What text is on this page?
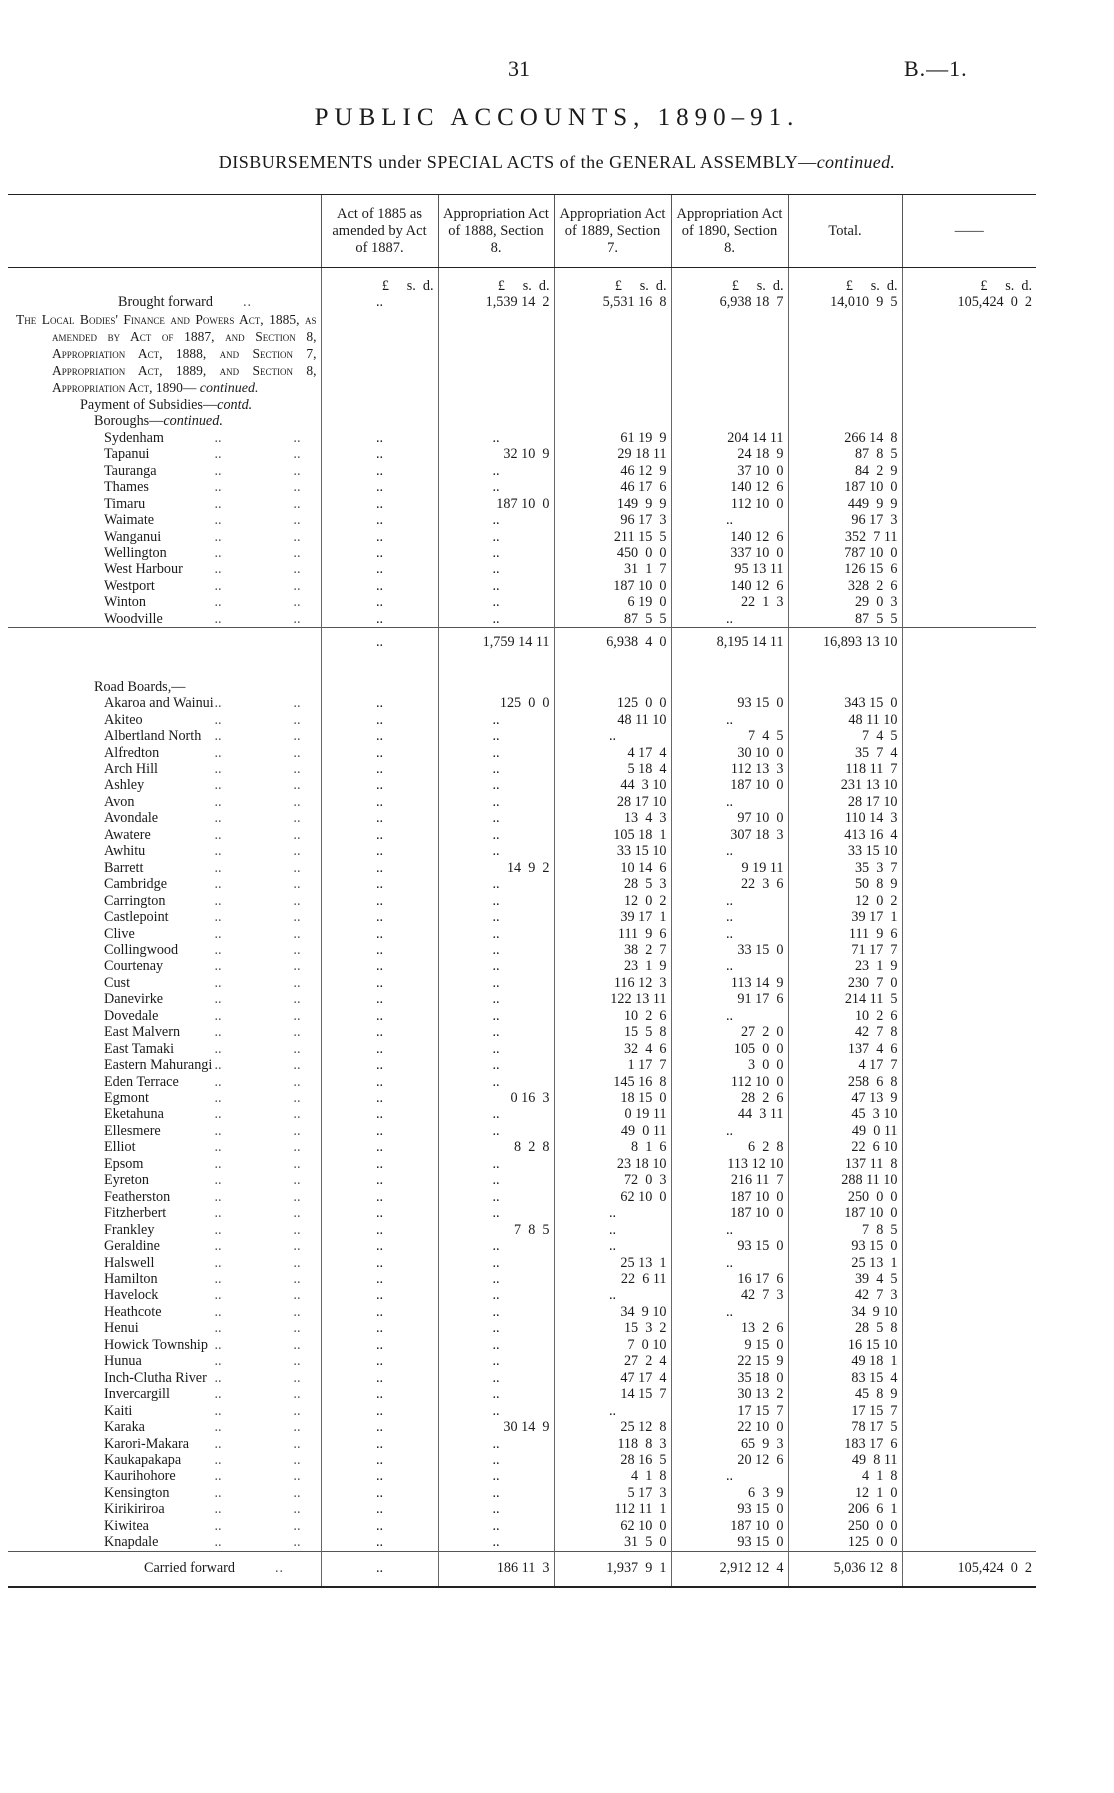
31	B.—1.
PUBLIC ACCOUNTS, 1890–91.
DISBURSEMENTS under SPECIAL ACTS of the GENERAL ASSEMBLY—continued.
	Act of 1885 as amended by Act of 1887.	Appropriation Act of 1888, Section 8.	Appropriation Act of 1889, Section 7.	Appropriation Act of 1890, Section 8.	Total.	——
	£     s.  d.	£     s.  d.	£     s.  d.	£     s.  d.	£     s.  d.	£     s.  d.
Brought forward ..	..	1,539 14  2	5,531 16  8	6,938 18  7	14,010  9  5	105,424  0  2
The Local Bodies' Finance and Powers Act, 1885, as amended by Act of 1887, and Section 8, Appropriation Act, 1888, and Section 7, Appropriation Act, 1889, and Section 8, Appropriation Act, 1890— continued.						
Payment of Subsidies—contd.						
Boroughs—continued.						
Sydenham .. ..	..	..	61 19  9	204 14 11	266 14  8	
Tapanui .. ..	..	32 10  9	29 18 11	24 18  9	87  8  5	
Tauranga .. ..	..	..	46 12  9	37 10  0	84  2  9	
Thames .. ..	..	..	46 17  6	140 12  6	187 10  0	
Timaru .. ..	..	187 10  0	149  9  9	112 10  0	449  9  9	
Waimate .. ..	..	..	96 17  3	..	96 17  3	
Wanganui .. ..	..	..	211 15  5	140 12  6	352  7 11	
Wellington .. ..	..	..	450  0  0	337 10  0	787 10  0	
West Harbour .. ..	..	..	31  1  7	95 13 11	126 15  6	
Westport .. ..	..	..	187 10  0	140 12  6	328  2  6	
Winton .. ..	..	..	6 19  0	22  1  3	29  0  3	
Woodville .. ..	..	..	87  5  5	..	87  5  5	
	..	1,759 14 11	6,938  4  0	8,195 14 11	16,893 13 10	

Road Boards,—						
Akaroa and Wainui .. ..	..	125  0  0	125  0  0	93 15  0	343 15  0	
Akiteo .. ..	..	..	48 11 10	..	48 11 10	
Albertland North .. ..	..	..	..	7  4  5	7  4  5	
Alfredton .. ..	..	..	4 17  4	30 10  0	35  7  4	
Arch Hill .. ..	..	..	5 18  4	112 13  3	118 11  7	
Ashley .. ..	..	..	44  3 10	187 10  0	231 13 10	
Avon .. ..	..	..	28 17 10	..	28 17 10	
Avondale .. ..	..	..	13  4  3	97 10  0	110 14  3	
Awatere .. ..	..	..	105 18  1	307 18  3	413 16  4	
Awhitu .. ..	..	..	33 15 10	..	33 15 10	
Barrett .. ..	..	14  9  2	10 14  6	9 19 11	35  3  7	
Cambridge .. ..	..	..	28  5  3	22  3  6	50  8  9	
Carrington .. ..	..	..	12  0  2	..	12  0  2	
Castlepoint .. ..	..	..	39 17  1	..	39 17  1	
Clive .. ..	..	..	111  9  6	..	111  9  6	
Collingwood .. ..	..	..	38  2  7	33 15  0	71 17  7	
Courtenay .. ..	..	..	23  1  9	..	23  1  9	
Cust .. ..	..	..	116 12  3	113 14  9	230  7  0	
Danevirke .. ..	..	..	122 13 11	91 17  6	214 11  5	
Dovedale .. ..	..	..	10  2  6	..	10  2  6	
East Malvern .. ..	..	..	15  5  8	27  2  0	42  7  8	
East Tamaki .. ..	..	..	32  4  6	105  0  0	137  4  6	
Eastern Mahurangi .. ..	..	..	1 17  7	3  0  0	4 17  7	
Eden Terrace .. ..	..	..	145 16  8	112 10  0	258  6  8	
Egmont .. ..	..	0 16  3	18 15  0	28  2  6	47 13  9	
Eketahuna .. ..	..	..	0 19 11	44  3 11	45  3 10	
Ellesmere .. ..	..	..	49  0 11	..	49  0 11	
Elliot .. ..	..	8  2  8	8  1  6	6  2  8	22  6 10	
Epsom .. ..	..	..	23 18 10	113 12 10	137 11  8	
Eyreton .. ..	..	..	72  0  3	216 11  7	288 11 10	
Featherston .. ..	..	..	62 10  0	187 10  0	250  0  0	
Fitzherbert .. ..	..	..	..	187 10  0	187 10  0	
Frankley .. ..	..	7  8  5	..	..	7  8  5	
Geraldine .. ..	..	..	..	93 15  0	93 15  0	
Halswell .. ..	..	..	25 13  1	..	25 13  1	
Hamilton .. ..	..	..	22  6 11	16 17  6	39  4  5	
Havelock .. ..	..	..	..	42  7  3	42  7  3	
Heathcote .. ..	..	..	34  9 10	..	34  9 10	
Henui .. ..	..	..	15  3  2	13  2  6	28  5  8	
Howick Township .. ..	..	..	7  0 10	9 15  0	16 15 10	
Hunua .. ..	..	..	27  2  4	22 15  9	49 18  1	
Inch-Clutha River .. ..	..	..	47 17  4	35 18  0	83 15  4	
Invercargill .. ..	..	..	14 15  7	30 13  2	45  8  9	
Kaiti .. ..	..	..	..	17 15  7	17 15  7	
Karaka .. ..	..	30 14  9	25 12  8	22 10  0	78 17  5	
Karori-Makara .. ..	..	..	118  8  3	65  9  3	183 17  6	
Kaukapakapa .. ..	..	..	28 16  5	20 12  6	49  8 11	
Kaurihohore .. ..	..	..	4  1  8	..	4  1  8	
Kensington .. ..	..	..	5 17  3	6  3  9	12  1  0	
Kirikiriroa .. ..	..	..	112 11  1	93 15  0	206  6  1	
Kiwitea .. ..	..	..	62 10  0	187 10  0	250  0  0	
Knapdale .. ..	..	..	31  5  0	93 15  0	125  0  0	
Carried forward ..	..	186 11  3	1,937  9  1	2,912 12  4	5,036 12  8	105,424  0  2
